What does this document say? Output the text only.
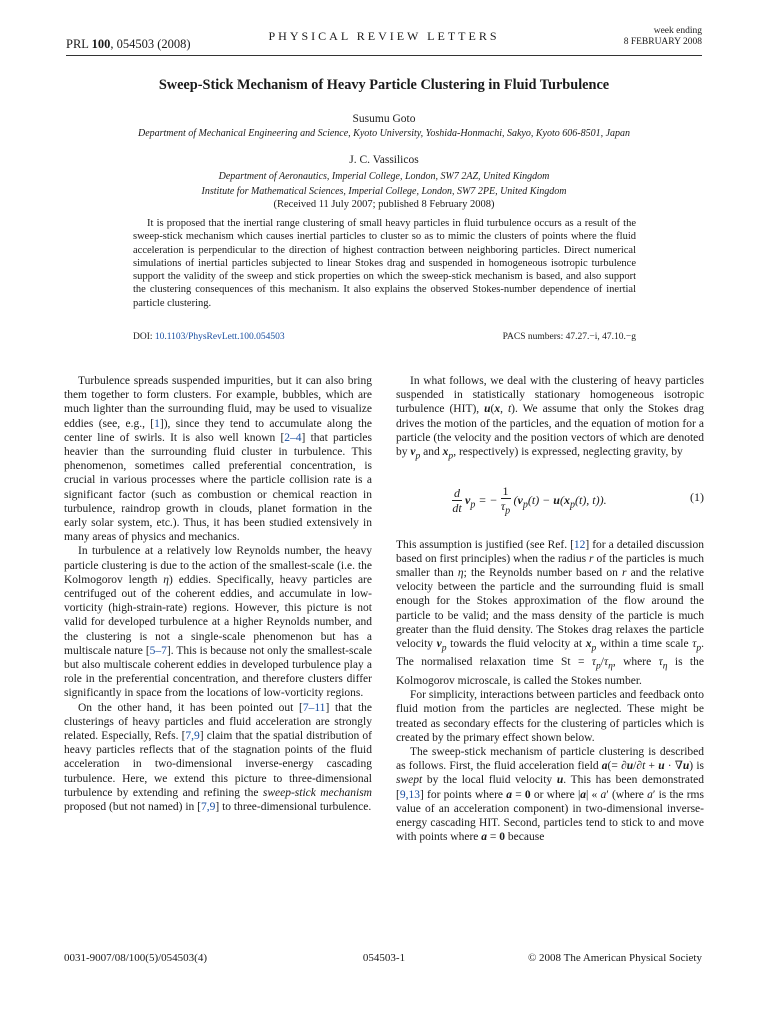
PRL 100, 054503 (2008)
PHYSICAL REVIEW LETTERS	week ending
8 FEBRUARY 2008
Sweep-Stick Mechanism of Heavy Particle Clustering in Fluid Turbulence
Susumu Goto
Department of Mechanical Engineering and Science, Kyoto University, Yoshida-Honmachi, Sakyo, Kyoto 606-8501, Japan
J. C. Vassilicos
Department of Aeronautics, Imperial College, London, SW7 2AZ, United Kingdom
Institute for Mathematical Sciences, Imperial College, London, SW7 2PE, United Kingdom
(Received 11 July 2007; published 8 February 2008)
It is proposed that the inertial range clustering of small heavy particles in fluid turbulence occurs as a result of the sweep-stick mechanism which causes inertial particles to cluster so as to mimic the clusters of points where the fluid acceleration is perpendicular to the direction of highest contraction between neighboring particles. Direct numerical simulations of inertial particles subjected to linear Stokes drag and suspended in homogeneous isotropic turbulence support the validity of the sweep and stick properties on which the sweep-stick mechanism is based, and also support the clustering consequences of this mechanism. It also explains the observed Stokes-number dependence of inertial particle clustering.
DOI: 10.1103/PhysRevLett.100.054503	PACS numbers: 47.27.−i, 47.10.−g

Turbulence spreads suspended impurities, but it can also bring them together to form clusters. For example, bubbles, which are much lighter than the surrounding fluid, may be used to visualize eddies (see, e.g., [1]), since they tend to accumulate along the center line of swirls. It is also well known [2–4] that particles heavier than the surrounding fluid cluster in turbulence. This phenomenon, sometimes called preferential concentration, is crucial in various processes where the particle collision rate is a significant factor (such as combustion or chemical reaction in turbulence, raindrop growth in clouds, planet formation in the early solar system, etc.). Thus, it has been studied extensively in many areas of physics and mechanics.

In turbulence at a relatively low Reynolds number, the heavy particle clustering is due to the action of the smallest-scale (i.e. the Kolmogorov length η) eddies. Specifically, heavy particles are centrifuged out of the coherent eddies, and accumulate in low-vorticity (high-strain-rate) regions. However, this picture is not valid for developed turbulence at a higher Reynolds number, and the clustering is not a single-scale phenomenon but has a multiscale nature [5–7]. This is because not only the smallest-scale but also multiscale coherent eddies in developed turbulence play a role in the preferential concentration, and therefore clusters differ significantly in space from the locations of low-vorticity regions.

On the other hand, it has been pointed out [7–11] that the clusterings of heavy particles and fluid acceleration are strongly related. Especially, Refs. [7,9] claim that the spatial distribution of heavy particles reflects that of the stagnation points of the fluid acceleration in two-dimensional inverse-energy cascading turbulence. Here, we extend this picture to three-dimensional turbulence by extending and refining the sweep-stick mechanism proposed (but not named) in [7,9] to three-dimensional turbulence.

In what follows, we deal with the clustering of heavy particles suspended in statistically stationary homogeneous isotropic turbulence (HIT), u(x, t). We assume that only the Stokes drag drives the motion of the particles, and the equation of motion for a particle (the velocity and the position vectors of which are denoted by $v_p$ and $x_p$, respectively) is expressed, neglecting gravity, by

$\frac{d}{dt} v_p$ = − $\frac{1}{\tau_p} (v_p(t) - u(x_p(t)$, t)).	(1)

This assumption is justified (see Ref. [12] for a detailed discussion based on first principles) when the radius r of the particles is much smaller than η; the Reynolds number based on r and the relative velocity between the particle and the surrounding fluid is small enough for the Stokes approximation of the flow around the particle to be valid; and the mass density of the particle is much greater than the fluid density. The Stokes drag relaxes the particle velocity $v_p$ towards the fluid velocity at $x_p$ within a time scale $\tau_p$. The normalised relaxation time $St = \tau_p/\tau_\eta$, where $\tau_\eta$ is the Kolmogorov microscale, is called the Stokes number.

For simplicity, interactions between particles and feedback onto fluid motion from the particles are neglected. These might be treated as secondary effects for the clustering of particles which is created by the primary effect shown below.

The sweep-stick mechanism of particle clustering is described as follows. First, the fluid acceleration field a(= ∂u/∂t + u · ∇u) is swept by the local fluid velocity u. This has been demonstrated [9,13] for points where a = 0 or where |a| « a′ (where a′ is the rms value of an acceleration component) in two-dimensional inverse-energy cascading HIT. Second, particles tend to stick to and move with points where a = 0 because

0031-9007/08/100(5)/054503(4)	054503-1	© 2008 The American Physical Society
